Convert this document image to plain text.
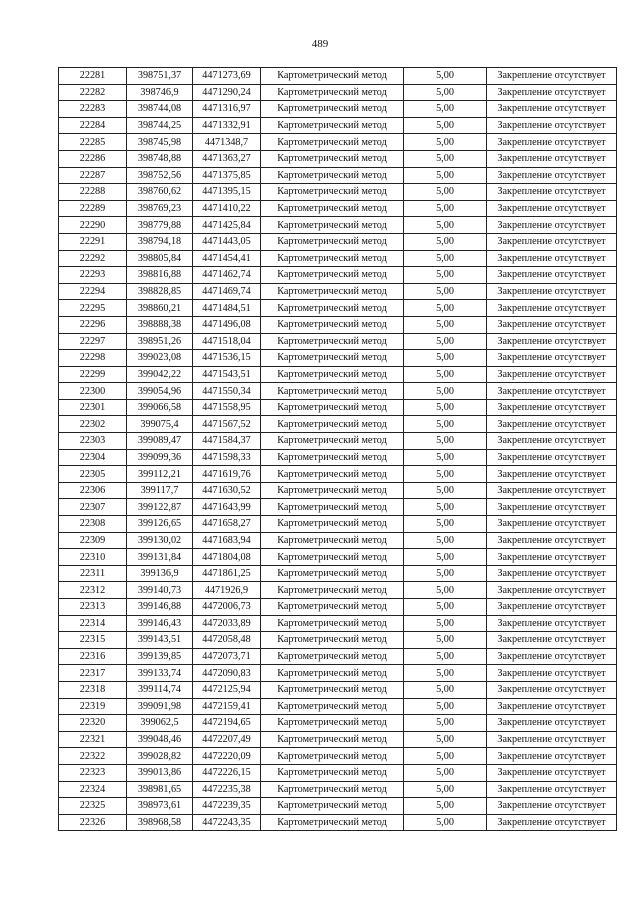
489
22281	398751,37	4471273,69	Картометрический метод	5,00	Закрепление отсутствует
22282	398746,9	4471290,24	Картометрический метод	5,00	Закрепление отсутствует
22283	398744,08	4471316,97	Картометрический метод	5,00	Закрепление отсутствует
22284	398744,25	4471332,91	Картометрический метод	5,00	Закрепление отсутствует
22285	398745,98	4471348,7	Картометрический метод	5,00	Закрепление отсутствует
22286	398748,88	4471363,27	Картометрический метод	5,00	Закрепление отсутствует
22287	398752,56	4471375,85	Картометрический метод	5,00	Закрепление отсутствует
22288	398760,62	4471395,15	Картометрический метод	5,00	Закрепление отсутствует
22289	398769,23	4471410,22	Картометрический метод	5,00	Закрепление отсутствует
22290	398779,88	4471425,84	Картометрический метод	5,00	Закрепление отсутствует
22291	398794,18	4471443,05	Картометрический метод	5,00	Закрепление отсутствует
22292	398805,84	4471454,41	Картометрический метод	5,00	Закрепление отсутствует
22293	398816,88	4471462,74	Картометрический метод	5,00	Закрепление отсутствует
22294	398828,85	4471469,74	Картометрический метод	5,00	Закрепление отсутствует
22295	398860,21	4471484,51	Картометрический метод	5,00	Закрепление отсутствует
22296	398888,38	4471496,08	Картометрический метод	5,00	Закрепление отсутствует
22297	398951,26	4471518,04	Картометрический метод	5,00	Закрепление отсутствует
22298	399023,08	4471536,15	Картометрический метод	5,00	Закрепление отсутствует
22299	399042,22	4471543,51	Картометрический метод	5,00	Закрепление отсутствует
22300	399054,96	4471550,34	Картометрический метод	5,00	Закрепление отсутствует
22301	399066,58	4471558,95	Картометрический метод	5,00	Закрепление отсутствует
22302	399075,4	4471567,52	Картометрический метод	5,00	Закрепление отсутствует
22303	399089,47	4471584,37	Картометрический метод	5,00	Закрепление отсутствует
22304	399099,36	4471598,33	Картометрический метод	5,00	Закрепление отсутствует
22305	399112,21	4471619,76	Картометрический метод	5,00	Закрепление отсутствует
22306	399117,7	4471630,52	Картометрический метод	5,00	Закрепление отсутствует
22307	399122,87	4471643,99	Картометрический метод	5,00	Закрепление отсутствует
22308	399126,65	4471658,27	Картометрический метод	5,00	Закрепление отсутствует
22309	399130,02	4471683,94	Картометрический метод	5,00	Закрепление отсутствует
22310	399131,84	4471804,08	Картометрический метод	5,00	Закрепление отсутствует
22311	399136,9	4471861,25	Картометрический метод	5,00	Закрепление отсутствует
22312	399140,73	4471926,9	Картометрический метод	5,00	Закрепление отсутствует
22313	399146,88	4472006,73	Картометрический метод	5,00	Закрепление отсутствует
22314	399146,43	4472033,89	Картометрический метод	5,00	Закрепление отсутствует
22315	399143,51	4472058,48	Картометрический метод	5,00	Закрепление отсутствует
22316	399139,85	4472073,71	Картометрический метод	5,00	Закрепление отсутствует
22317	399133,74	4472090,83	Картометрический метод	5,00	Закрепление отсутствует
22318	399114,74	4472125,94	Картометрический метод	5,00	Закрепление отсутствует
22319	399091,98	4472159,41	Картометрический метод	5,00	Закрепление отсутствует
22320	399062,5	4472194,65	Картометрический метод	5,00	Закрепление отсутствует
22321	399048,46	4472207,49	Картометрический метод	5,00	Закрепление отсутствует
22322	399028,82	4472220,09	Картометрический метод	5,00	Закрепление отсутствует
22323	399013,86	4472226,15	Картометрический метод	5,00	Закрепление отсутствует
22324	398981,65	4472235,38	Картометрический метод	5,00	Закрепление отсутствует
22325	398973,61	4472239,35	Картометрический метод	5,00	Закрепление отсутствует
22326	398968,58	4472243,35	Картометрический метод	5,00	Закрепление отсутствует
